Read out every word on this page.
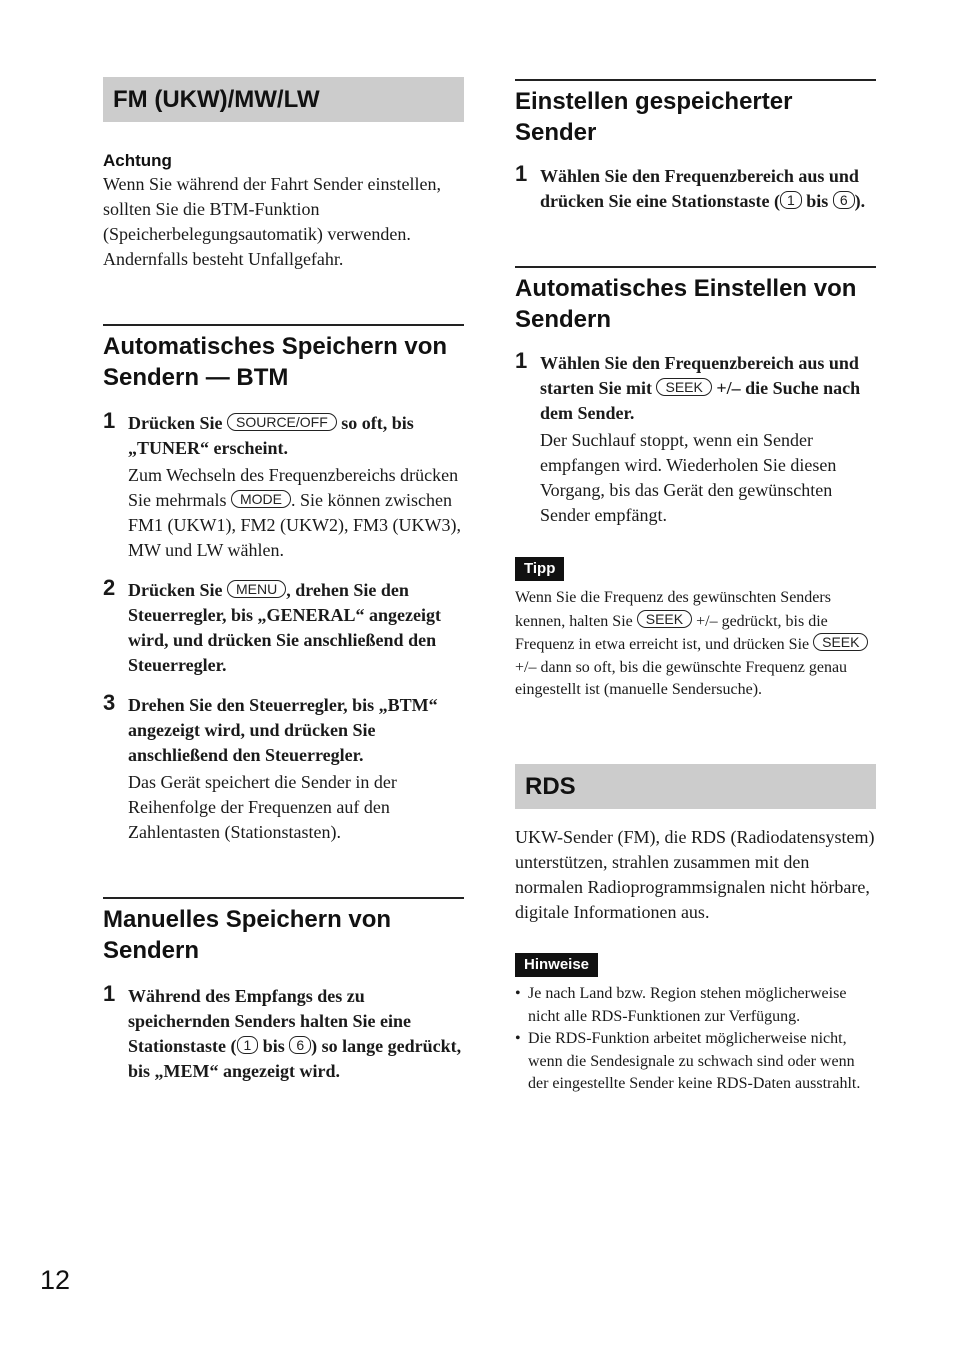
FM (UKW)/MW/LW
Achtung
Wenn Sie während der Fahrt Sender einstellen, sollten Sie die BTM-Funktion (Speicherbelegungsautomatik) verwenden. Andernfalls besteht Unfallgefahr.
Automatisches Speichern von Sendern — BTM
1 Drücken Sie SOURCE/OFF so oft, bis „TUNER“ erscheint.
Zum Wechseln des Frequenzbereichs drücken Sie mehrmals MODE . Sie können zwischen FM1 (UKW1), FM2 (UKW2), FM3 (UKW3), MW und LW wählen.
2 Drücken Sie MENU , drehen Sie den Steuerregler, bis „GENERAL“ angezeigt wird, und drücken Sie anschließend den Steuerregler.
3 Drehen Sie den Steuerregler, bis „BTM“ angezeigt wird, und drücken Sie anschließend den Steuerregler.
Das Gerät speichert die Sender in der Reihenfolge der Frequenzen auf den Zahlentasten (Stationstasten).
Manuelles Speichern von Sendern
1 Während des Empfangs des zu speichernden Senders halten Sie eine Stationstaste ( 1 bis 6 ) so lange gedrückt, bis „MEM“ angezeigt wird.
Einstellen gespeicherter Sender
1 Wählen Sie den Frequenzbereich aus und drücken Sie eine Stationstaste ( 1 bis 6 ).
Automatisches Einstellen von Sendern
1 Wählen Sie den Frequenzbereich aus und starten Sie mit SEEK +/– die Suche nach dem Sender.
Der Suchlauf stoppt, wenn ein Sender empfangen wird. Wiederholen Sie diesen Vorgang, bis das Gerät den gewünschten Sender empfängt.
Tipp
Wenn Sie die Frequenz des gewünschten Senders kennen, halten Sie SEEK +/– gedrückt, bis die Frequenz in etwa erreicht ist, und drücken Sie SEEK +/– dann so oft, bis die gewünschte Frequenz genau eingestellt ist (manuelle Sendersuche).
RDS
UKW-Sender (FM), die RDS (Radiodatensystem) unterstützen, strahlen zusammen mit den normalen Radioprogrammsignalen nicht hörbare, digitale Informationen aus.
Hinweise
• Je nach Land bzw. Region stehen möglicherweise nicht alle RDS-Funktionen zur Verfügung.
• Die RDS-Funktion arbeitet möglicherweise nicht, wenn die Sendesignale zu schwach sind oder wenn der eingestellte Sender keine RDS-Daten ausstrahlt.
12
